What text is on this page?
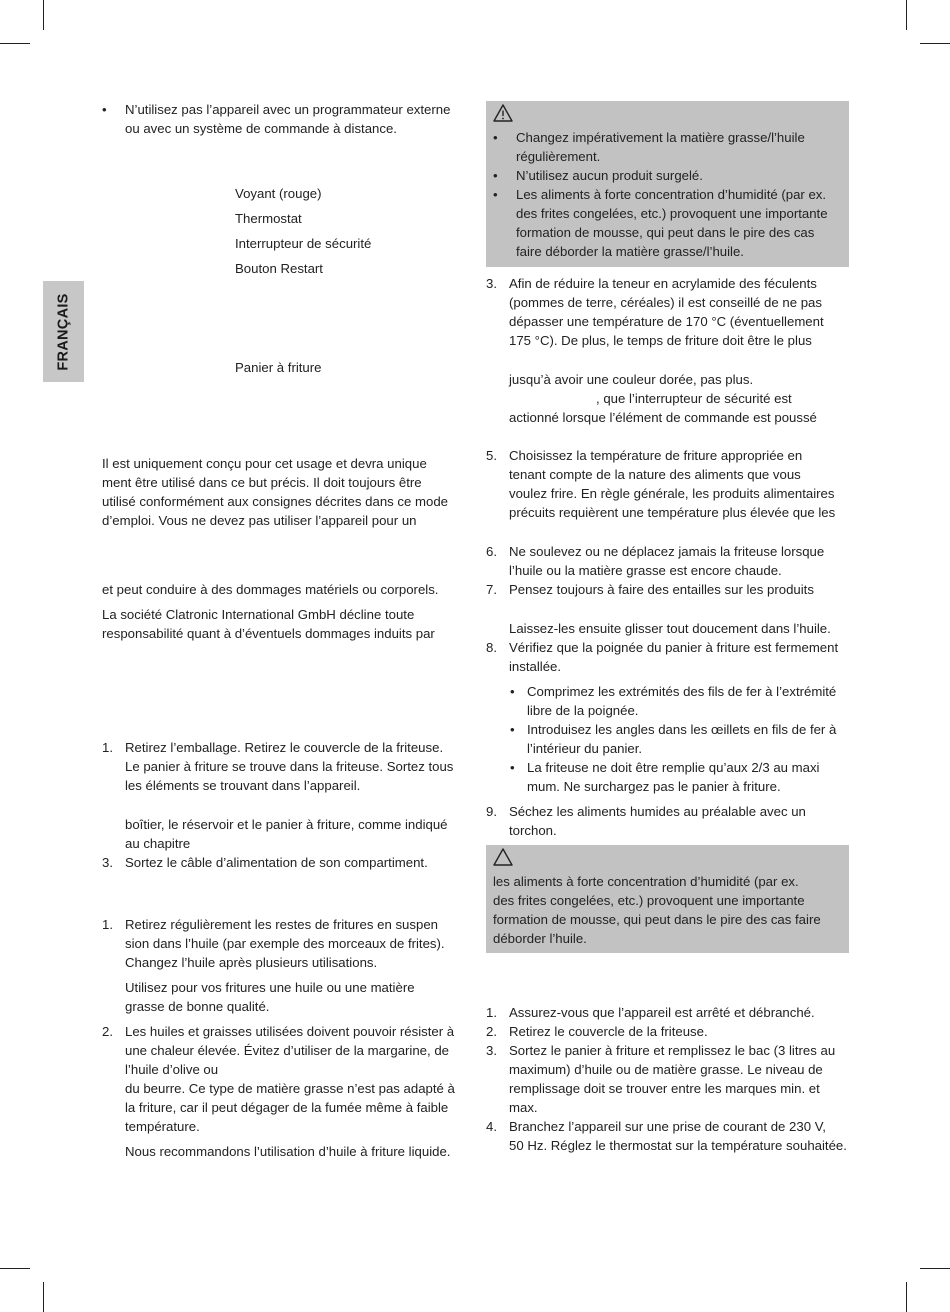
FRANÇAIS
• N’utilisez pas l’appareil avec un programmateur externe
ou avec un système de commande à distance.
Voyant (rouge)
Thermostat
Interrupteur de sécurité
Bouton Restart
Panier à friture
Il est uniquement conçu pour cet usage et devra unique
ment être utilisé dans ce but précis. Il doit toujours être
utilisé conformément aux consignes décrites dans ce mode
d’emploi. Vous ne devez pas utiliser l’appareil pour un
et peut conduire à des dommages matériels ou corporels.
La société Clatronic International GmbH décline toute
responsabilité quant à d’éventuels dommages induits par
1. Retirez l’emballage. Retirez le couvercle de la friteuse.
Le panier à friture se trouve dans la friteuse. Sortez tous
les éléments se trouvant dans l’appareil.
boîtier, le réservoir et le panier à friture, comme indiqué
au chapitre
3. Sortez le câble d’alimentation de son compartiment.
1. Retirez régulièrement les restes de fritures en suspen
sion dans l’huile (par exemple des morceaux de frites).
Changez l’huile après plusieurs utilisations.
Utilisez pour vos fritures une huile ou une matière
grasse de bonne qualité.
2. Les huiles et graisses utilisées doivent pouvoir résister à
une chaleur élevée. Évitez d’utiliser de la margarine, de
l’huile d’olive ou
du beurre. Ce type de matière grasse n’est pas adapté à
la friture, car il peut dégager de la fumée même à faible
température.
Nous recommandons l’utilisation d’huile à friture liquide.
• Changez impérativement la matière grasse/l’huile
régulièrement.
• N’utilisez aucun produit surgelé.
• Les aliments à forte concentration d’humidité (par ex.
des frites congelées, etc.) provoquent une importante
formation de mousse, qui peut dans le pire des cas
faire déborder la matière grasse/l’huile.
3. Afin de réduire la teneur en acrylamide des féculents
(pommes de terre, céréales) il est conseillé de ne pas
dépasser une température de 170 °C (éventuellement
175 °C). De plus, le temps de friture doit être le plus
jusqu’à avoir une couleur dorée, pas plus.
, que l’interrupteur de sécurité est
actionné lorsque l’élément de commande est poussé
5. Choisissez la température de friture appropriée en
tenant compte de la nature des aliments que vous
voulez frire. En règle générale, les produits alimentaires
précuits requièrent une température plus élevée que les
6. Ne soulevez ou ne déplacez jamais la friteuse lorsque
l’huile ou la matière grasse est encore chaude.
7. Pensez toujours à faire des entailles sur les produits
Laissez-les ensuite glisser tout doucement dans l’huile.
8. Vérifiez que la poignée du panier à friture est fermement
installée.
• Comprimez les extrémités des fils de fer à l’extrémité
libre de la poignée.
• Introduisez les angles dans les œillets en fils de fer à
l’intérieur du panier.
• La friteuse ne doit être remplie qu’aux 2/3 au maxi
mum. Ne surchargez pas le panier à friture.
9. Séchez les aliments humides au préalable avec un
torchon.
les aliments à forte concentration d’humidité (par ex.
des frites congelées, etc.) provoquent une importante
formation de mousse, qui peut dans le pire des cas faire
déborder l’huile.
1. Assurez-vous que l’appareil est arrêté et débranché.
2. Retirez le couvercle de la friteuse.
3. Sortez le panier à friture et remplissez le bac (3 litres au
maximum) d’huile ou de matière grasse. Le niveau de
remplissage doit se trouver entre les marques min. et
max.
4. Branchez l’appareil sur une prise de courant de 230 V,
50 Hz. Réglez le thermostat sur la température souhaitée.
